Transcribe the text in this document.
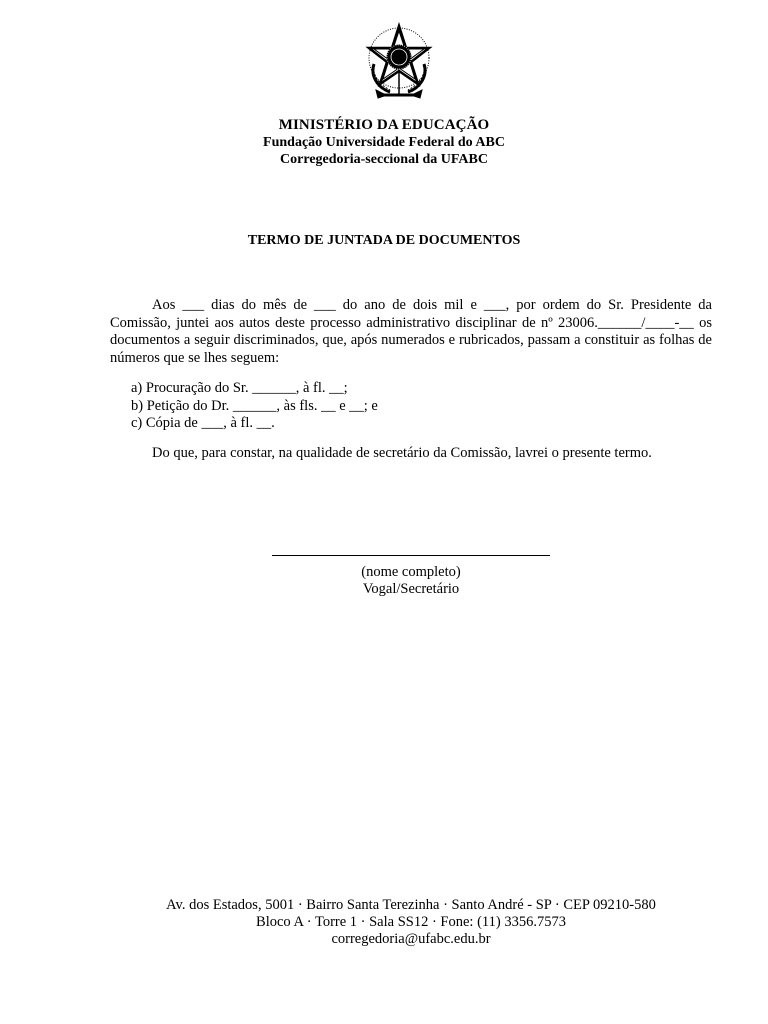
MINISTÉRIO DA EDUCAÇÃO
Fundação Universidade Federal do ABC
Corregedoria-seccional da UFABC
TERMO DE JUNTADA DE DOCUMENTOS
Aos ___ dias do mês de ___ do ano de dois mil e ___, por ordem do Sr. Presidente da Comissão, juntei aos autos deste processo administrativo disciplinar de nº 23006.______/____-__ os documentos a seguir discriminados, que, após numerados e rubricados, passam a constituir as folhas de números que se lhes seguem:
a) Procuração do Sr. ______, à fl. __;
b) Petição do Dr. ______, às fls. __ e __; e
c) Cópia de ___, à fl. __.
Do que, para constar, na qualidade de secretário da Comissão, lavrei o presente termo.

(nome completo)
Vogal/Secretário
Av. dos Estados, 5001 · Bairro Santa Terezinha · Santo André - SP · CEP 09210-580
Bloco A · Torre 1 · Sala SS12 · Fone: (11) 3356.7573
corregedoria@ufabc.edu.br
